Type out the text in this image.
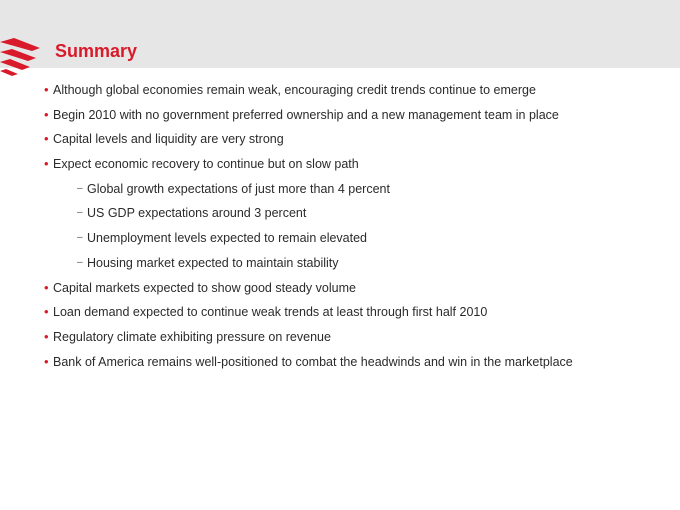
Summary
• Although global economies remain weak, encouraging credit trends continue to emerge
• Begin 2010 with no government preferred ownership and a new management team in place
• Capital levels and liquidity are very strong
• Expect economic recovery to continue but on slow path
– Global growth expectations of just more than 4 percent
– US GDP expectations around 3 percent
– Unemployment levels expected to remain elevated
– Housing market expected to maintain stability
• Capital markets expected to show good steady volume
• Loan demand expected to continue weak trends at least through first half 2010
• Regulatory climate exhibiting pressure on revenue
• Bank of America remains well-positioned to combat the headwinds and win in the marketplace
